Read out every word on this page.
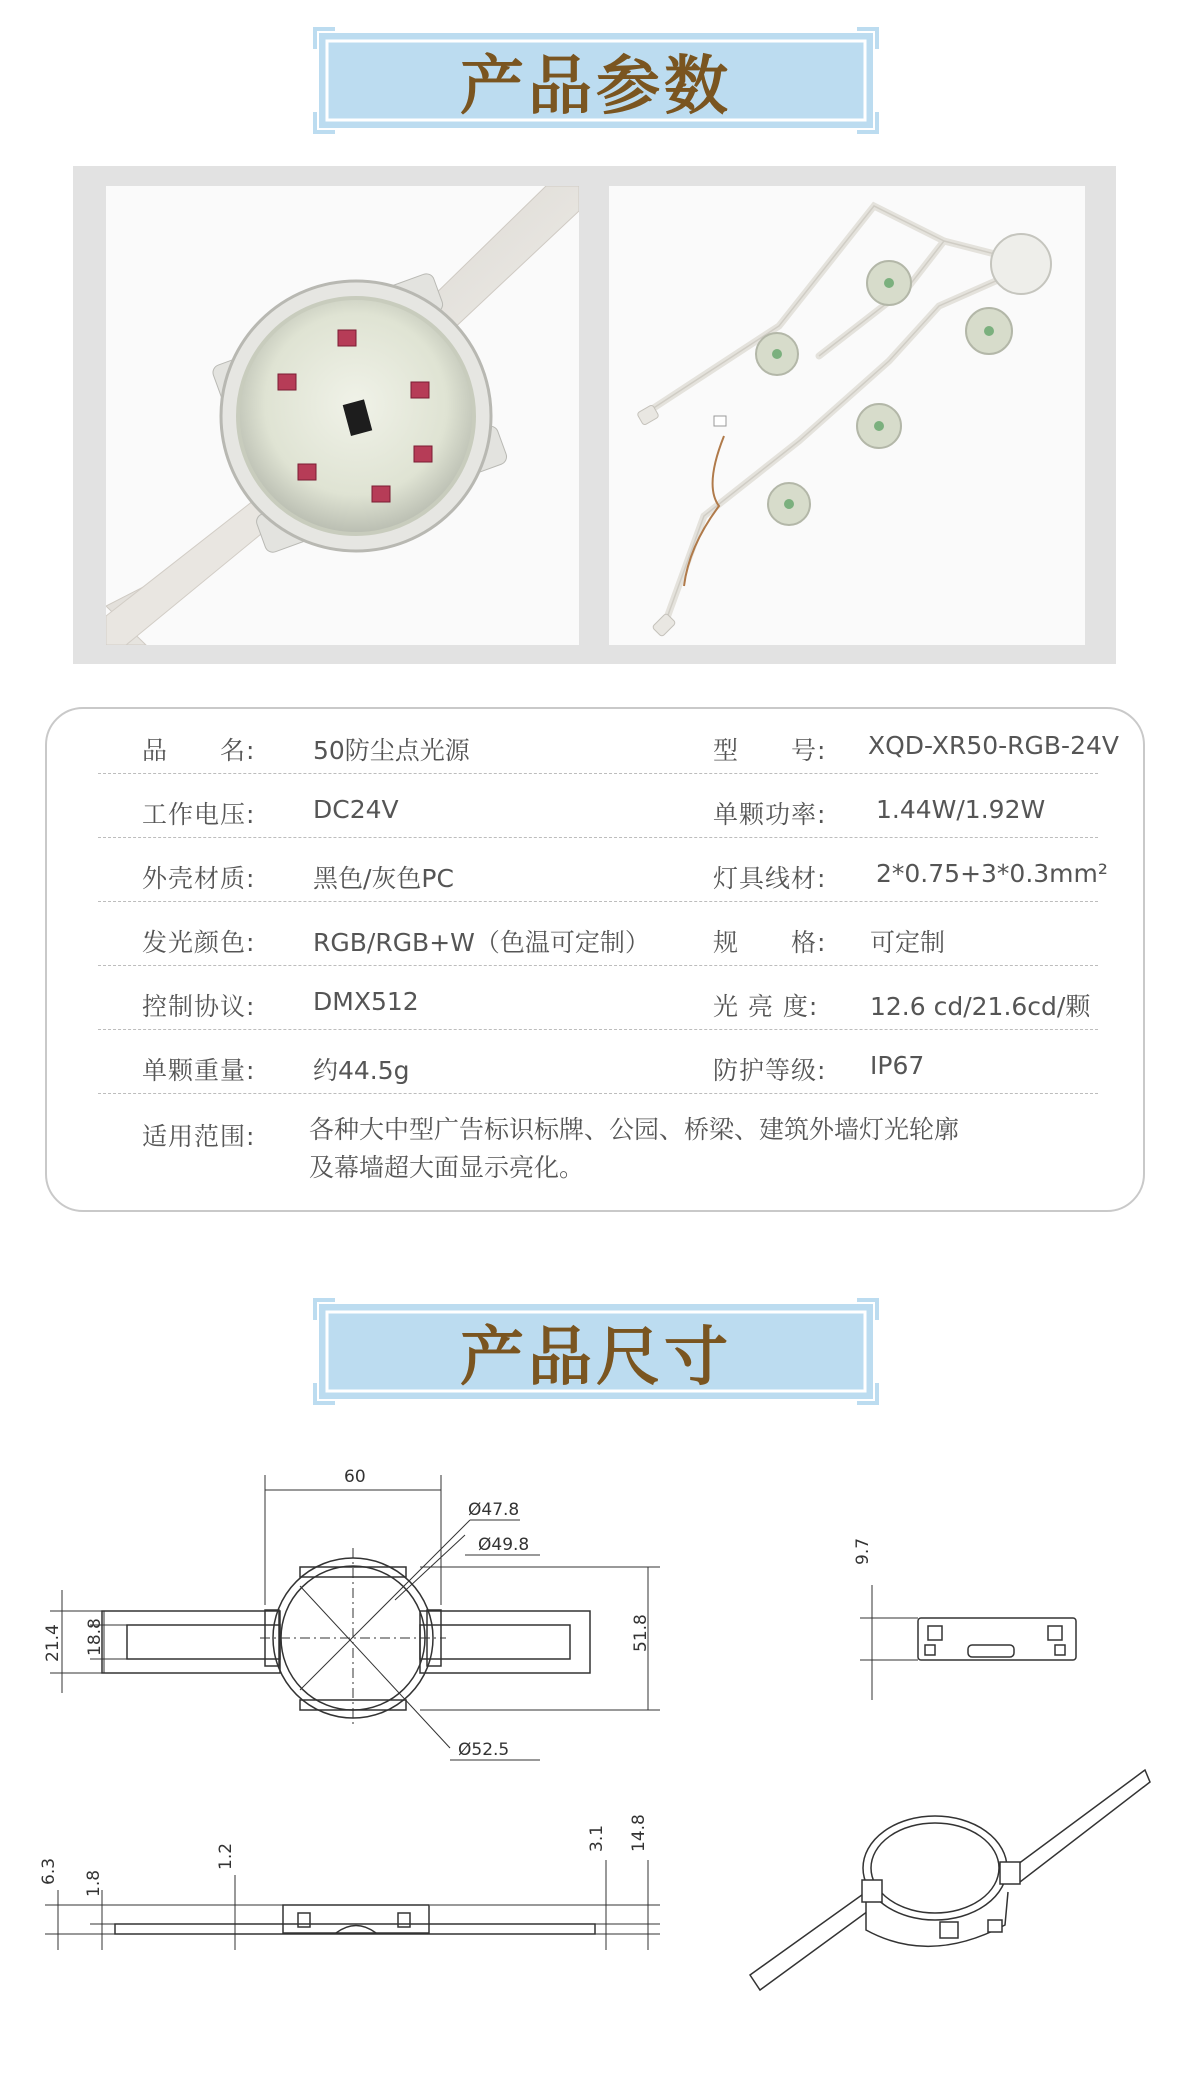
产品参数
品　　名: 50防尘点光源	型　　号: XQD-XR50-RGB-24V
工作电压: DC24V	单颗功率: 1.44W/1.92W
外壳材质: 黑色/灰色PC	灯具线材: 2*0.75+3*0.3mm²
发光颜色: RGB/RGB+W（色温可定制）	规　　格: 可定制
控制协议: DMX512	光 亮 度: 12.6 cd/21.6cd/颗
单颗重量: 约44.5g	防护等级: IP67
适用范围: 各种大中型广告标识标牌、公园、桥梁、建筑外墙灯光轮廓
及幕墙超大面显示亮化。
产品尺寸
60
Ø47.8
Ø49.8
Ø52.5
51.8
21.4 18.8
9.7
6.3 1.8
1.2
3.1 14.8
